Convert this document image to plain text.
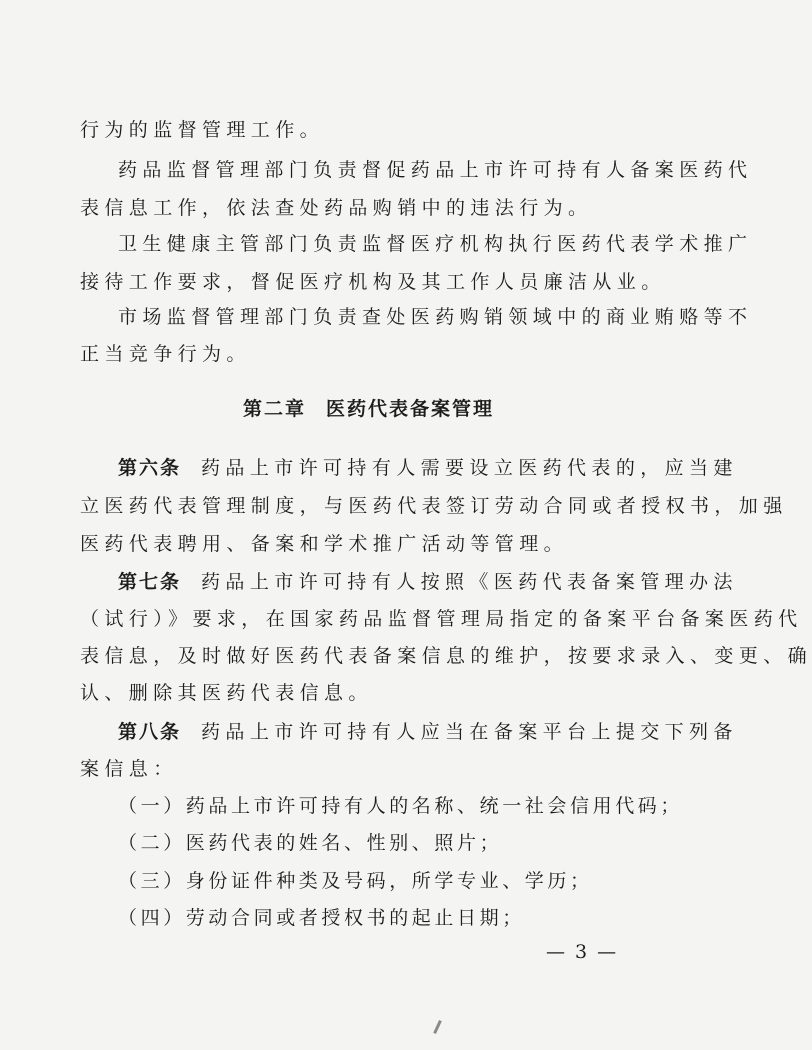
行为的监督管理工作。
药品监督管理部门负责督促药品上市许可持有人备案医药代
表信息工作，依法查处药品购销中的违法行为。
卫生健康主管部门负责监督医疗机构执行医药代表学术推广
接待工作要求，督促医疗机构及其工作人员廉洁从业。
市场监督管理部门负责查处医药购销领域中的商业贿赂等不
正当竞争行为。
第二章 医药代表备案管理
第六条 药品上市许可持有人需要设立医药代表的，应当建
立医药代表管理制度，与医药代表签订劳动合同或者授权书，加强
医药代表聘用、备案和学术推广活动等管理。
第七条 药品上市许可持有人按照《医药代表备案管理办法
（试行）》要求，在国家药品监督管理局指定的备案平台备案医药代
表信息，及时做好医药代表备案信息的维护，按要求录入、变更、确
认、删除其医药代表信息。
第八条 药品上市许可持有人应当在备案平台上提交下列备
案信息：
（一）药品上市许可持有人的名称、统一社会信用代码；
（二）医药代表的姓名、性别、照片；
（三）身份证件种类及号码，所学专业、学历；
（四）劳动合同或者授权书的起止日期；
— 3 —
